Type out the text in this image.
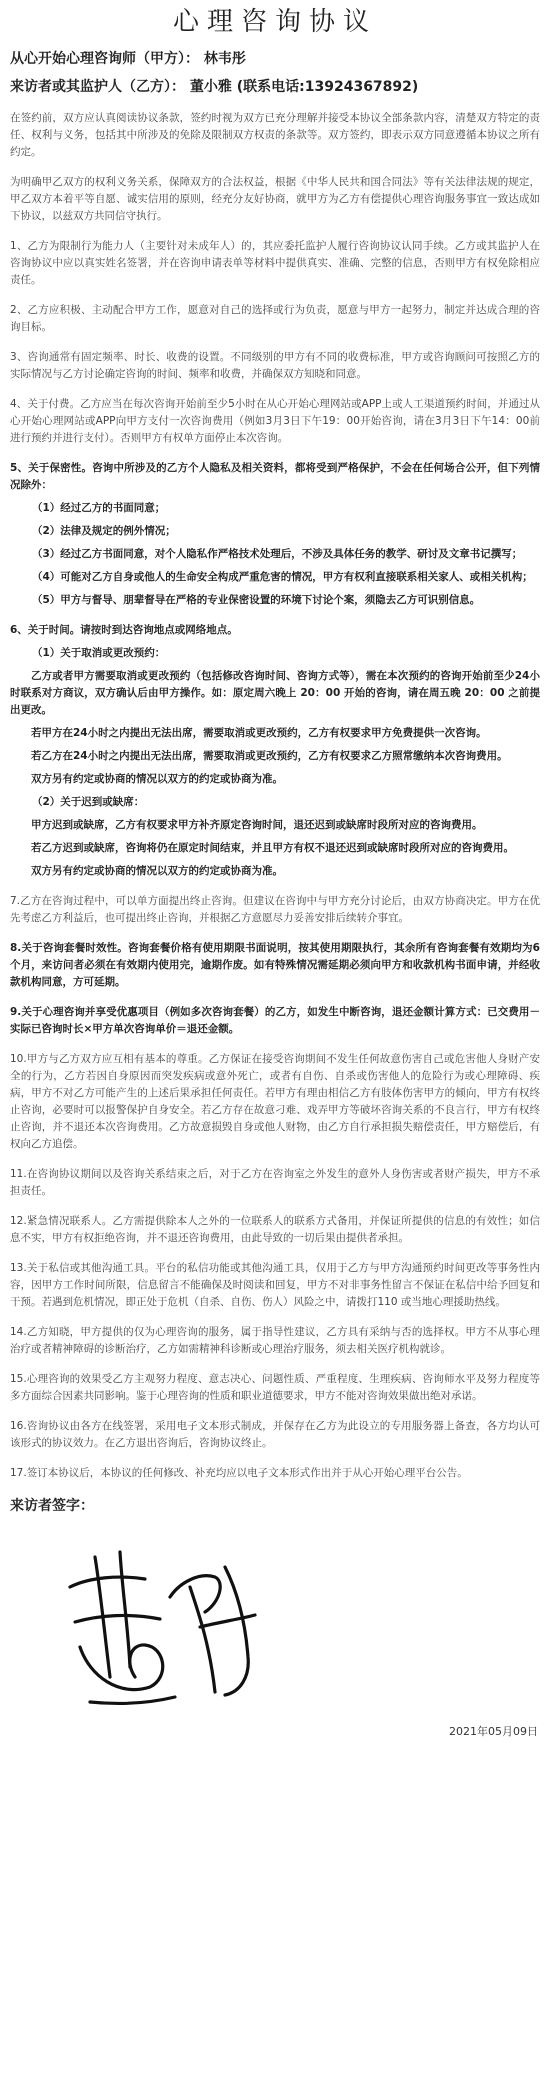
心理咨询协议
从心开始心理咨询师（甲方）： 林韦彤
来访者或其监护人（乙方）： 董小雅 (联系电话:13924367892)

在签约前，双方应认真阅读协议条款，签约时视为双方已充分理解并接受本协议全部条款内容，清楚双方特定的责任、权利与义务，包括其中所涉及的免除及限制双方权责的条款等。双方签约，即表示双方同意遵循本协议之所有约定。

为明确甲乙双方的权利义务关系，保障双方的合法权益，根据《中华人民共和国合同法》等有关法律法规的规定，甲乙双方本着平等自愿、诚实信用的原则，经充分友好协商，就甲方为乙方有偿提供心理咨询服务事宜一致达成如下协议，以兹双方共同信守执行。

1、乙方为限制行为能力人（主要针对未成年人）的，其应委托监护人履行咨询协议认同手续。乙方或其监护人在咨询协议中应以真实姓名签署，并在咨询申请表单等材料中提供真实、准确、完整的信息，否则甲方有权免除相应责任。

2、乙方应积极、主动配合甲方工作，愿意对自己的选择或行为负责，愿意与甲方一起努力，制定并达成合理的咨询目标。

3、咨询通常有固定频率、时长、收费的设置。不同级别的甲方有不同的收费标准，甲方或咨询顾问可按照乙方的实际情况与乙方讨论确定咨询的时间、频率和收费，并确保双方知晓和同意。

4、关于付费。乙方应当在每次咨询开始前至少5小时在从心开始心理网站或APP上或人工渠道预约时间，并通过从心开始心理网站或APP向甲方支付一次咨询费用（例如3月3日下午19：00开始咨询，请在3月3日下午14：00前进行预约并进行支付）。否则甲方有权单方面停止本次咨询。

5、关于保密性。咨询中所涉及的乙方个人隐私及相关资料，都将受到严格保护，不会在任何场合公开，但下列情况除外：

（1）经过乙方的书面同意；

（2）法律及规定的例外情况；

（3）经过乙方书面同意，对个人隐私作严格技术处理后，不涉及具体任务的教学、研讨及文章书记撰写；

（4）可能对乙方自身或他人的生命安全构成严重危害的情况，甲方有权利直接联系相关家人、或相关机构；

（5）甲方与督导、朋辈督导在严格的专业保密设置的环境下讨论个案，须隐去乙方可识别信息。

6、关于时间。请按时到达咨询地点或网络地点。

（1）关于取消或更改预约：

乙方或者甲方需要取消或更改预约（包括修改咨询时间、咨询方式等），需在本次预约的咨询开始前至少24小时联系对方商议，双方确认后由甲方操作。如：原定周六晚上 20：00 开始的咨询，请在周五晚 20：00 之前提出更改。

若甲方在24小时之内提出无法出席，需要取消或更改预约，乙方有权要求甲方免费提供一次咨询。

若乙方在24小时之内提出无法出席，需要取消或更改预约，乙方有权要求乙方照常缴纳本次咨询费用。

双方另有约定或协商的情况以双方的约定或协商为准。

（2）关于迟到或缺席：

甲方迟到或缺席，乙方有权要求甲方补齐原定咨询时间，退还迟到或缺席时段所对应的咨询费用。

若乙方迟到或缺席，咨询将仍在原定时间结束，并且甲方有权不退还迟到或缺席时段所对应的咨询费用。

双方另有约定或协商的情况以双方的约定或协商为准。

7.乙方在咨询过程中，可以单方面提出终止咨询。但建议在咨询中与甲方充分讨论后，由双方协商决定。甲方在优先考虑乙方利益后，也可提出终止咨询，并根据乙方意愿尽力妥善安排后续转介事宜。

8.关于咨询套餐时效性。咨询套餐价格有使用期限书面说明，按其使用期限执行，其余所有咨询套餐有效期均为6个月，来访问者必须在有效期内使用完，逾期作废。如有特殊情况需延期必须向甲方和收款机构书面申请，并经收款机构同意，方可延期。

9.关于心理咨询并享受优惠项目（例如多次咨询套餐）的乙方，如发生中断咨询，退还金额计算方式：已交费用－实际已咨询时长×甲方单次咨询单价＝退还金额。

10.甲方与乙方双方应互相有基本的尊重。乙方保证在接受咨询期间不发生任何故意伤害自己或危害他人身财产安全的行为，乙方若因自身原因而突发疾病或意外死亡，或者有自伤、自杀或伤害他人的危险行为或心理障碍、疾病，甲方不对乙方可能产生的上述后果承担任何责任。若甲方有理由相信乙方有肢体伤害甲方的倾向，甲方有权终止咨询，必要时可以报警保护自身安全。若乙方存在故意刁难、戏弄甲方等破坏咨询关系的不良言行，甲方有权终止咨询，并不退还本次咨询费用。乙方故意损毁自身或他人财物，由乙方自行承担损失赔偿责任，甲方赔偿后，有权向乙方追偿。

11.在咨询协议期间以及咨询关系结束之后，对于乙方在咨询室之外发生的意外人身伤害或者财产损失，甲方不承担责任。

12.紧急情况联系人。乙方需提供除本人之外的一位联系人的联系方式备用，并保证所提供的信息的有效性；如信息不实，甲方有权拒绝咨询，并不退还咨询费用，由此导致的一切后果由提供者承担。

13.关于私信或其他沟通工具。平台的私信功能或其他沟通工具，仅用于乙方与甲方沟通预约时间更改等事务性内容，因甲方工作时间所限，信息留言不能确保及时阅读和回复，甲方不对非事务性留言不保证在私信中给予回复和干预。若遇到危机情况，即正处于危机（自杀、自伤、伤人）风险之中，请拨打110 或当地心理援助热线。

14.乙方知晓，甲方提供的仅为心理咨询的服务，属于指导性建议，乙方具有采纳与否的选择权。甲方不从事心理治疗或者精神障碍的诊断治疗，乙方如需精神科诊断或心理治疗服务，须去相关医疗机构就诊。

15.心理咨询的效果受乙方主观努力程度、意志决心、问题性质、严重程度、生理疾病、咨询师水平及努力程度等多方面综合因素共同影响。鉴于心理咨询的性质和职业道德要求，甲方不能对咨询效果做出绝对承诺。

16.咨询协议由各方在线签署，采用电子文本形式制成，并保存在乙方为此设立的专用服务器上备查，各方均认可该形式的协议效力。在乙方退出咨询后，咨询协议终止。

17.签订本协议后，本协议的任何修改、补充均应以电子文本形式作出并于从心开始心理平台公告。

来访者签字：
2021年05月09日
